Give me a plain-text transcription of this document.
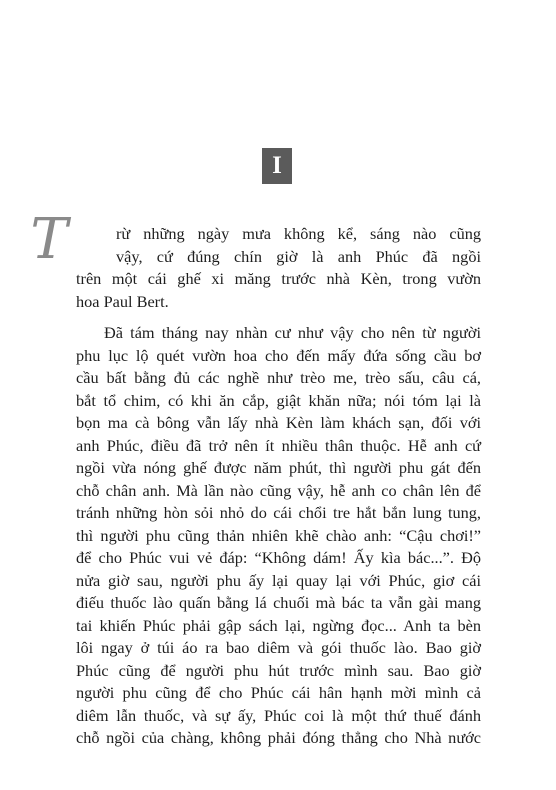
I
T	rừ những ngày mưa không kể, sáng nào cũng
vậy, cứ đúng chín giờ là anh Phúc đã ngồi
trên một cái ghế xi măng trước nhà Kèn, trong vườn
hoa Paul Bert.
Đã tám tháng nay nhàn cư như vậy cho nên từ người
phu lục lộ quét vườn hoa cho đến mấy đứa sống cầu bơ
cầu bất bằng đủ các nghề như trèo me, trèo sấu, câu cá,
bắt tổ chim, có khi ăn cắp, giật khăn nữa; nói tóm lại là
bọn ma cà bông vẫn lấy nhà Kèn làm khách sạn, đối với
anh Phúc, điều đã trở nên ít nhiều thân thuộc. Hễ anh cứ
ngồi vừa nóng ghế được năm phút, thì người phu gát đến
chỗ chân anh. Mà lần nào cũng vậy, hễ anh co chân lên để
tránh những hòn sỏi nhỏ do cái chổi tre hắt bắn lung tung,
thì người phu cũng thản nhiên khẽ chào anh: “Cậu chơi!”
để cho Phúc vui vẻ đáp: “Không dám! Ấy kìa bác...”. Độ
nửa giờ sau, người phu ấy lại quay lại với Phúc, giơ cái
điếu thuốc lào quấn bằng lá chuối mà bác ta vẫn gài mang
tai khiến Phúc phải gập sách lại, ngừng đọc... Anh ta bèn
lôi ngay ở túi áo ra bao diêm và gói thuốc lào. Bao giờ
Phúc cũng để người phu hút trước mình sau. Bao giờ
người phu cũng để cho Phúc cái hân hạnh mời mình cả
diêm lẫn thuốc, và sự ấy, Phúc coi là một thứ thuế đánh
chỗ ngồi của chàng, không phải đóng thẳng cho Nhà nước
